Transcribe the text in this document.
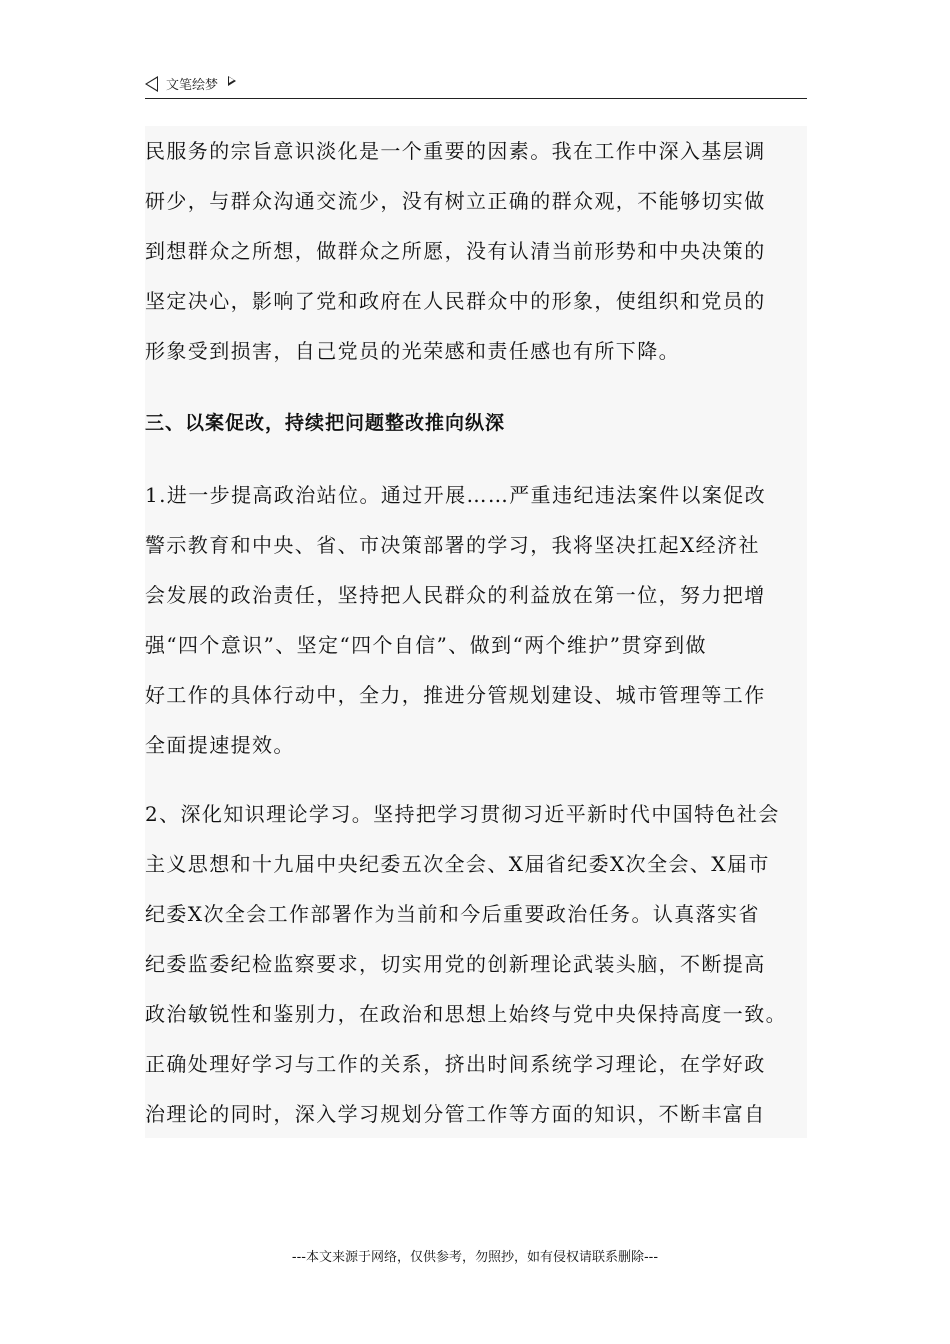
文笔绘梦

民服务的宗旨意识淡化是一个重要的因素。我在工作中深入基层调
研少，与群众沟通交流少，没有树立正确的群众观，不能够切实做
到想群众之所想，做群众之所愿，没有认清当前形势和中央决策的
坚定决心，影响了党和政府在人民群众中的形象，使组织和党员的
形象受到损害，自己党员的光荣感和责任感也有所下降。

三、以案促改，持续把问题整改推向纵深

1.进一步提高政治站位。通过开展……严重违纪违法案件以案促改
警示教育和中央、省、市决策部署的学习，我将坚决扛起X经济社
会发展的政治责任，坚持把人民群众的利益放在第一位，努力把增
强“四个意识”、坚定“四个自信”、做到“两个维护”贯穿到做
好工作的具体行动中，全力，推进分管规划建设、城市管理等工作
全面提速提效。

2、深化知识理论学习。坚持把学习贯彻习近平新时代中国特色社会
主义思想和十九届中央纪委五次全会、X届省纪委X次全会、X届市
纪委X次全会工作部署作为当前和今后重要政治任务。认真落实省
纪委监委纪检监察要求，切实用党的创新理论武装头脑，不断提高
政治敏锐性和鉴别力，在政治和思想上始终与党中央保持高度一致。
正确处理好学习与工作的关系，挤出时间系统学习理论，在学好政
治理论的同时，深入学习规划分管工作等方面的知识，不断丰富自

---本文来源于网络，仅供参考，勿照抄，如有侵权请联系删除---
